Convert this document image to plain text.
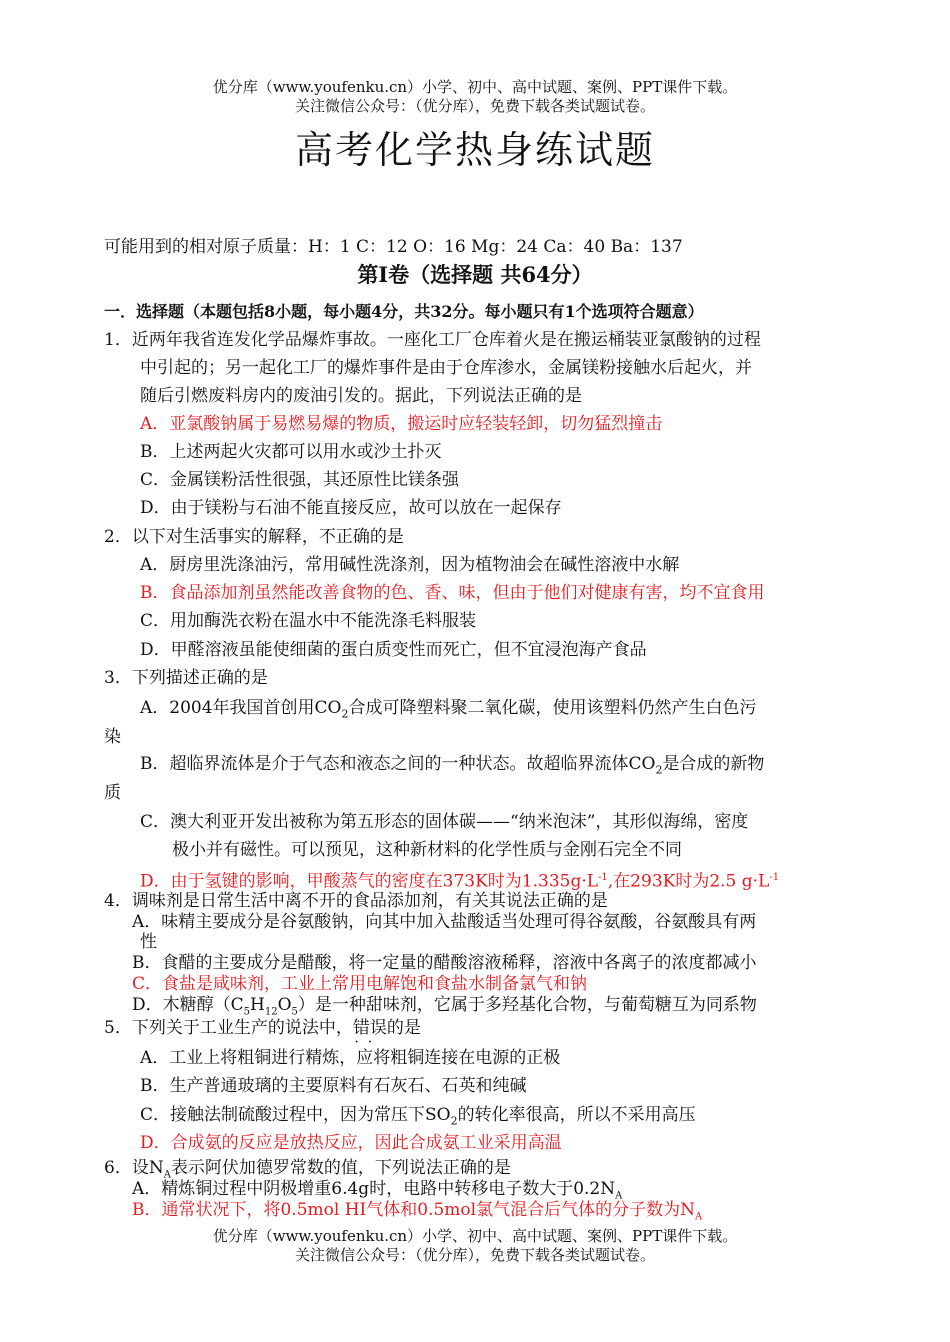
优分库（www.youfenku.cn）小学、初中、高中试题、案例、PPT课件下载。
关注微信公众号：（优分库），免费下载各类试题试卷。
高考化学热身练试题
可能用到的相对原子质量：H：1 C：12 O：16 Mg：24 Ca：40 Ba：137
第Ⅰ卷（选择题 共64分）
一．选择题（本题包括8小题，每小题4分，共32分。每小题只有1个选项符合题意）
1．近两年我省连发化学品爆炸事故。一座化工厂仓库着火是在搬运桶装亚氯酸钠的过程
中引起的；另一起化工厂的爆炸事件是由于仓库渗水，金属镁粉接触水后起火，并
随后引燃废料房内的废油引发的。据此，下列说法正确的是
A．亚氯酸钠属于易燃易爆的物质，搬运时应轻装轻卸，切勿猛烈撞击
B．上述两起火灾都可以用水或沙土扑灭
C．金属镁粉活性很强，其还原性比镁条强
D．由于镁粉与石油不能直接反应，故可以放在一起保存
2．以下对生活事实的解释，不正确的是
A．厨房里洗涤油污，常用碱性洗涤剂，因为植物油会在碱性溶液中水解
B．食品添加剂虽然能改善食物的色、香、味，但由于他们对健康有害，均不宜食用
C．用加酶洗衣粉在温水中不能洗涤毛料服装
D．甲醛溶液虽能使细菌的蛋白质变性而死亡，但不宜浸泡海产食品
3．下列描述正确的是
A．2004年我国首创用$CO_2$合成可降塑料聚二氧化碳，使用该塑料仍然产生白色污
染
B．超临界流体是介于气态和液态之间的一种状态。故超临界流体$CO_2$是合成的新物
质
C．澳大利亚开发出被称为第五形态的固体碳——“纳米泡沫”，其形似海绵，密度
极小并有磁性。可以预见，这种新材料的化学性质与金刚石完全不同
D．由于氢键的影响，甲酸蒸气的密度在373K时为$1.335g\cdot L^{-1}$,在293K时为2.5 $g\cdot L^{-1}$
4．调味剂是日常生活中离不开的食品添加剂，有关其说法正确的是
A．味精主要成分是谷氨酸钠，向其中加入盐酸适当处理可得谷氨酸，谷氨酸具有两
性
B．食醋的主要成分是醋酸，将一定量的醋酸溶液稀释，溶液中各离子的浓度都减小
C．食盐是咸味剂，工业上常用电解饱和食盐水制备氯气和钠
D．木糖醇$(C_5H_{12}O_5)$是一种甜味剂，它属于多羟基化合物，与葡萄糖互为同系物
5．下列关于工业生产的说法中，错误 • •的是
A．工业上将粗铜进行精炼，应将粗铜连接在电源的正极
B．生产普通玻璃的主要原料有石灰石、石英和纯碱
C．接触法制硫酸过程中，因为常压下$SO_2$的转化率很高，所以不采用高压
D．合成氨的反应是放热反应，因此合成氨工业采用高温
6．设$N_A$表示阿伏加德罗常数的值，下列说法正确的是
A．精炼铜过程中阴极增重6.4g时，电路中转移电子数大于$0.2N_A$
B．通常状况下，将0.5mol HI气体和0.5mol氯气混合后气体的分子数为$N_A$
优分库（www.youfenku.cn）小学、初中、高中试题、案例、PPT课件下载。
关注微信公众号：（优分库），免费下载各类试题试卷。
